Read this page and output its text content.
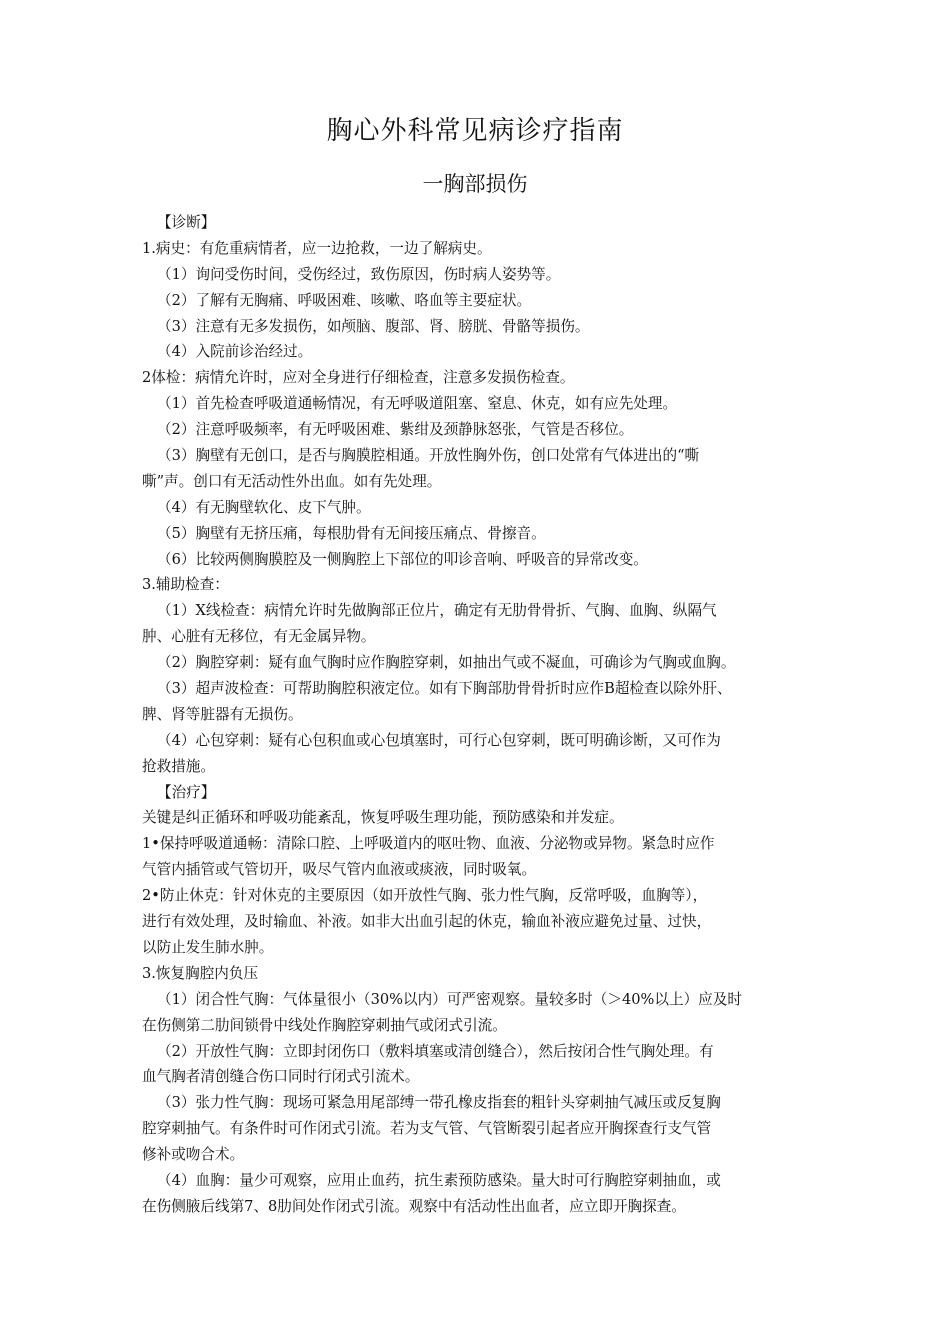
胸心外科常见病诊疗指南
一胸部损伤
【诊断】
1.病史：有危重病情者，应一边抢救，一边了解病史。
（1）询问受伤时间，受伤经过，致伤原因，伤时病人姿势等。
（2）了解有无胸痛、呼吸困难、咳嗽、咯血等主要症状。
（3）注意有无多发损伤，如颅脑、腹部、肾、膀胱、骨骼等损伤。
（4）入院前诊治经过。
2体检：病情允许时，应对全身进行仔细检查，注意多发损伤检查。
（1）首先检查呼吸道通畅情况，有无呼吸道阻塞、窒息、休克，如有应先处理。
（2）注意呼吸频率，有无呼吸困难、紫绀及颈静脉怒张，气管是否移位。
（3）胸壁有无创口，是否与胸膜腔相通。开放性胸外伤，创口处常有气体进出的“嘶
嘶”声。创口有无活动性外出血。如有先处理。
（4）有无胸壁软化、皮下气肿。
（5）胸壁有无挤压痛，每根肋骨有无间接压痛点、骨擦音。
（6）比较两侧胸膜腔及一侧胸腔上下部位的叩诊音响、呼吸音的异常改变。
3.辅助检查：
（1）X线检查：病情允许时先做胸部正位片，确定有无肋骨骨折、气胸、血胸、纵隔气
肿、心脏有无移位，有无金属异物。
（2）胸腔穿刺：疑有血气胸时应作胸腔穿刺，如抽出气或不凝血，可确诊为气胸或血胸。
（3）超声波检查：可帮助胸腔积液定位。如有下胸部肋骨骨折时应作B超检查以除外肝、
脾、肾等脏器有无损伤。
（4）心包穿刺：疑有心包积血或心包填塞时，可行心包穿刺，既可明确诊断，又可作为
抢救措施。
【治疗】
关键是纠正循环和呼吸功能紊乱，恢复呼吸生理功能，预防感染和并发症。
1•保持呼吸道通畅：清除口腔、上呼吸道内的呕吐物、血液、分泌物或异物。紧急时应作
气管内插管或气管切开，吸尽气管内血液或痰液，同时吸氧。
2•防止休克：针对休克的主要原因（如开放性气胸、张力性气胸，反常呼吸，血胸等），
进行有效处理，及时输血、补液。如非大出血引起的休克，输血补液应避免过量、过快，
以防止发生肺水肿。
3.恢复胸腔内负压
（1）闭合性气胸：气体量很小（30%以内）可严密观察。量较多时（＞40%以上）应及时
在伤侧第二肋间锁骨中线处作胸腔穿刺抽气或闭式引流。
（2）开放性气胸：立即封闭伤口（敷料填塞或清创缝合），然后按闭合性气胸处理。有
血气胸者清创缝合伤口同时行闭式引流术。
（3）张力性气胸：现场可紧急用尾部缚一带孔橡皮指套的粗针头穿刺抽气减压或反复胸
腔穿刺抽气。有条件时可作闭式引流。若为支气管、气管断裂引起者应开胸探查行支气管
修补或吻合术。
（4）血胸：量少可观察，应用止血药，抗生素预防感染。量大时可行胸腔穿刺抽血，或
在伤侧腋后线第7、8肋间处作闭式引流。观察中有活动性出血者，应立即开胸探查。
